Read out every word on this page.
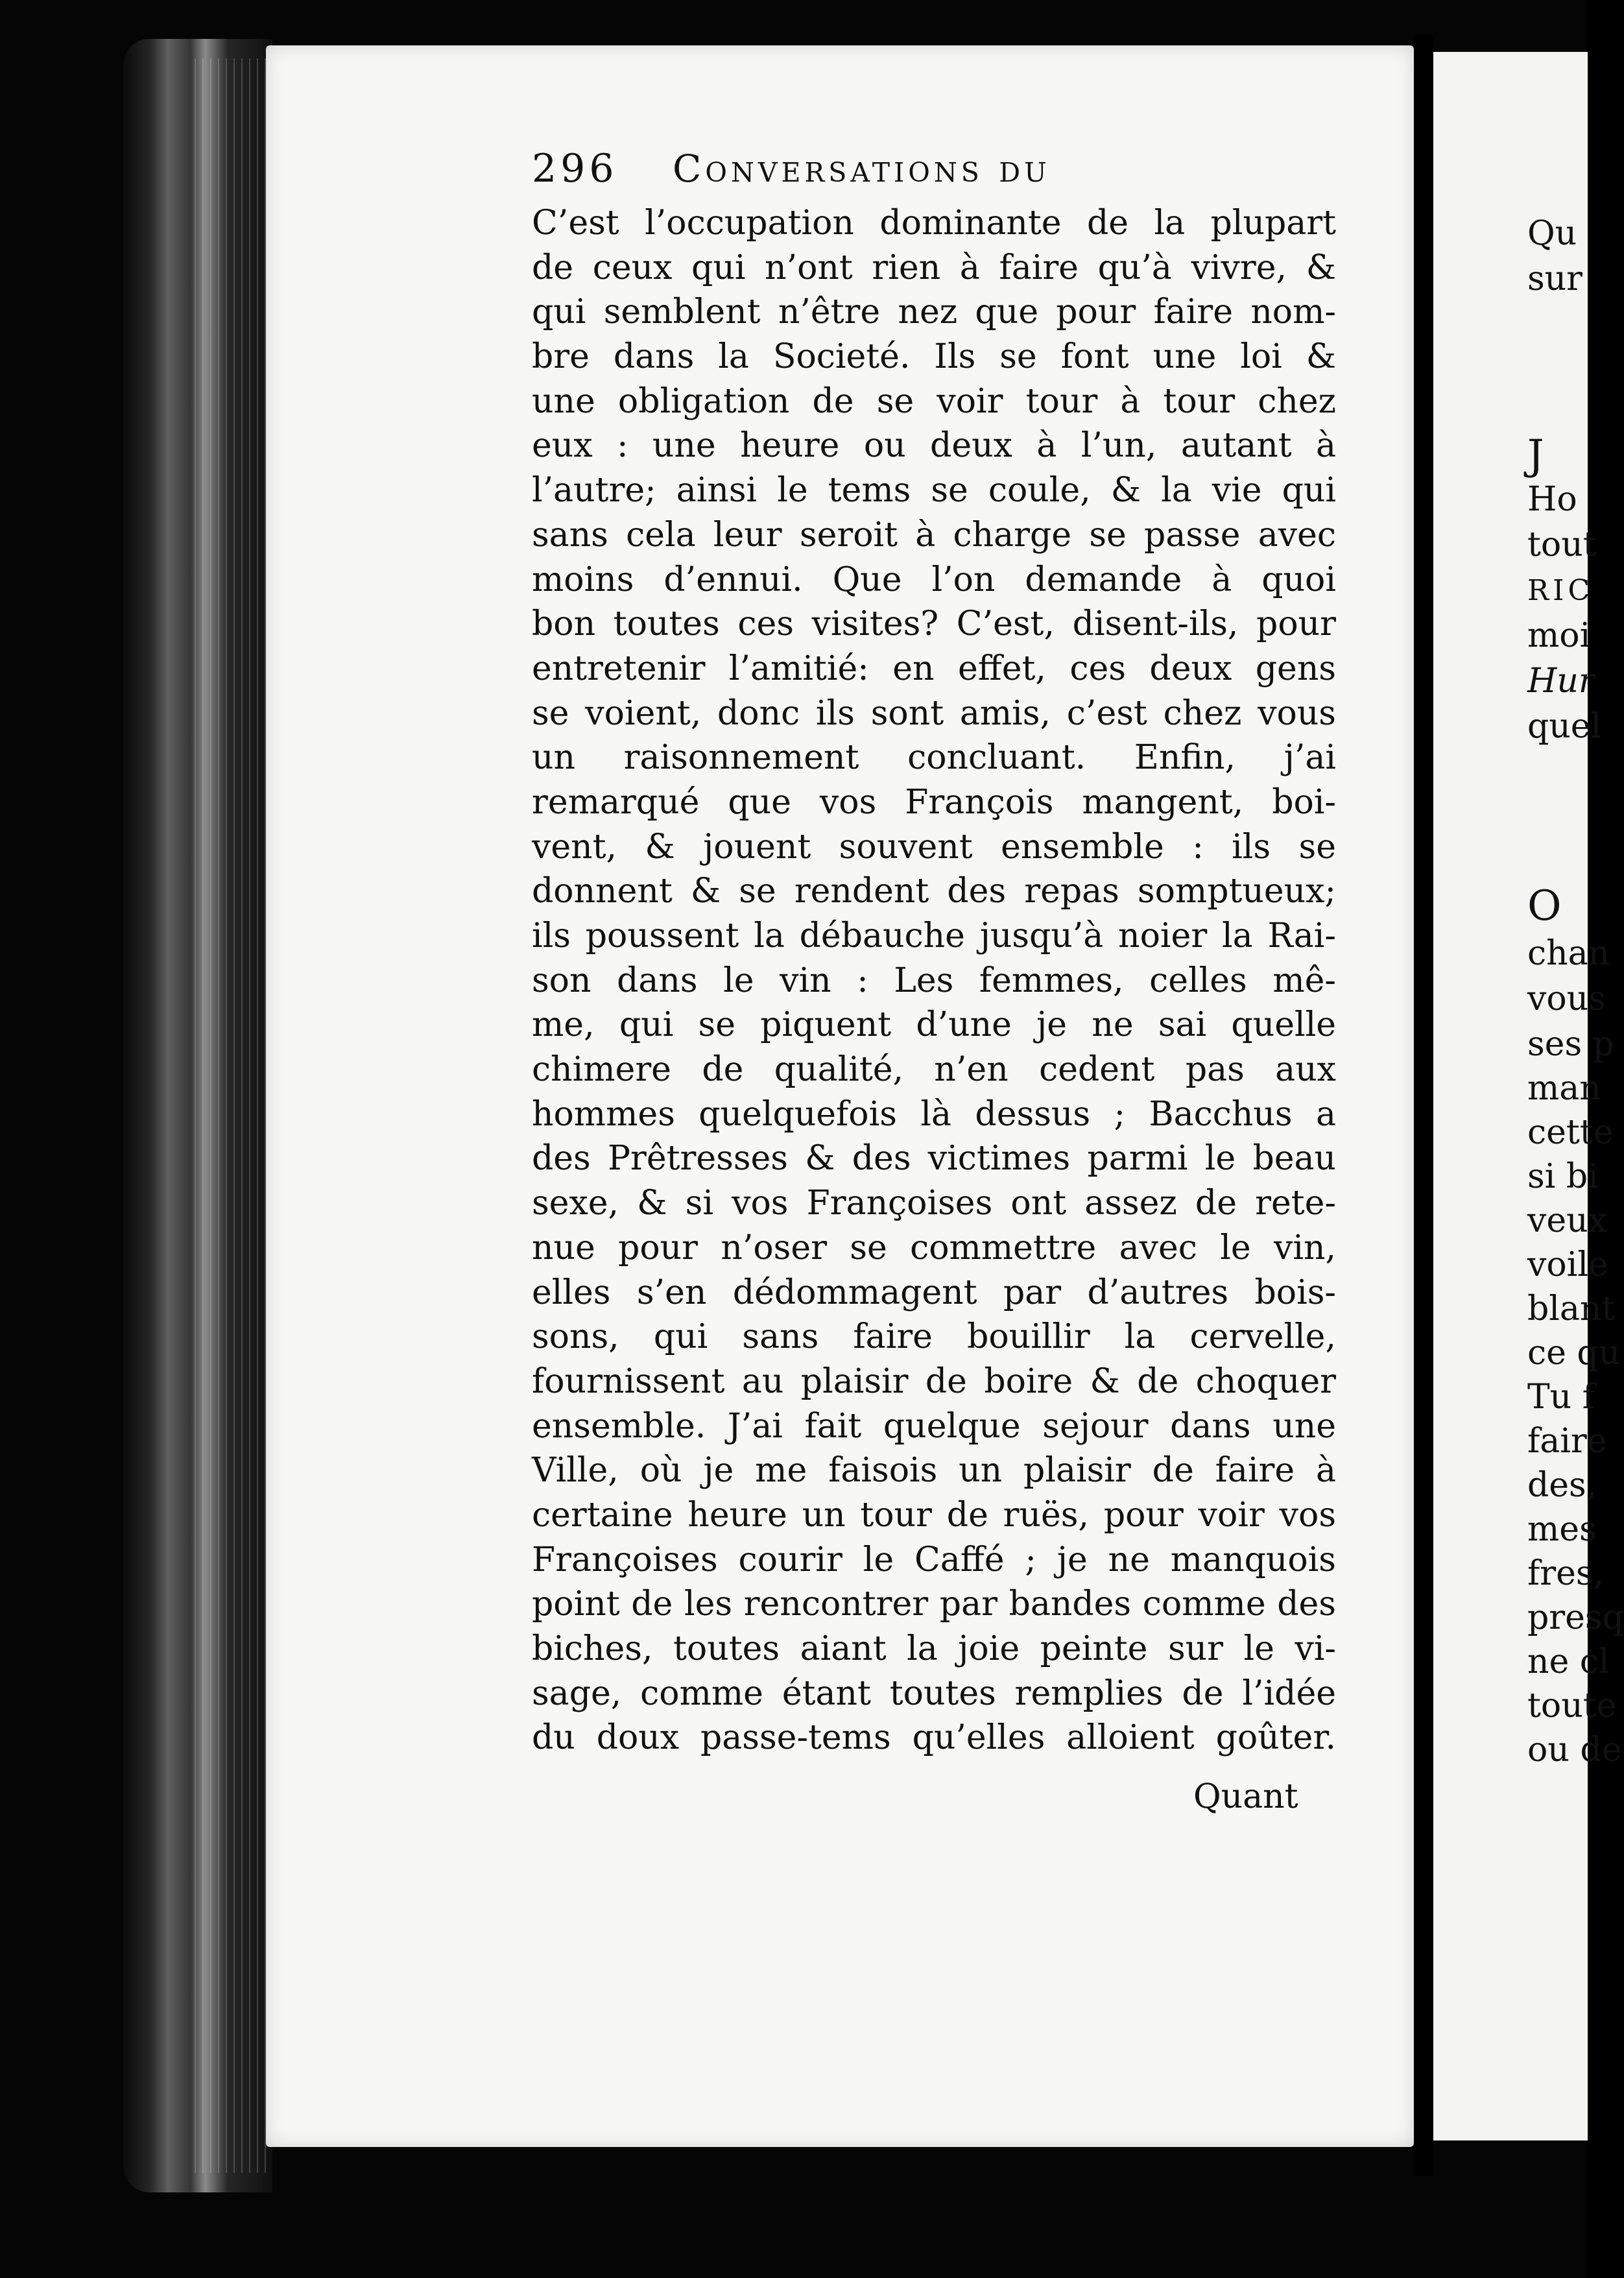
296 Conversations du
C’est l’occupation dominante de la plupart
de ceux qui n’ont rien à faire qu’à vivre, &
qui semblent n’être nez que pour faire nom-
bre dans la Societé. Ils se font une loi &
une obligation de se voir tour à tour chez
eux : une heure ou deux à l’un, autant à
l’autre; ainsi le tems se coule, & la vie qui
sans cela leur seroit à charge se passe avec
moins d’ennui. Que l’on demande à quoi
bon toutes ces visites? C’est, disent-ils, pour
entretenir l’amitié: en effet, ces deux gens
se voient, donc ils sont amis, c’est chez vous
un raisonnement concluant. Enfin, j’ai
remarqué que vos François mangent, boi-
vent, & jouent souvent ensemble : ils se
donnent & se rendent des repas somptueux;
ils poussent la débauche jusqu’à noier la Rai-
son dans le vin : Les femmes, celles mê-
me, qui se piquent d’une je ne sai quelle
chimere de qualité, n’en cedent pas aux
hommes quelquefois là dessus ; Bacchus a
des Prêtresses & des victimes parmi le beau
sexe, & si vos Françoises ont assez de rete-
nue pour n’oser se commettre avec le vin,
elles s’en dédommagent par d’autres bois-
sons, qui sans faire bouillir la cervelle,
fournissent au plaisir de boire & de choquer
ensemble. J’ai fait quelque sejour dans une
Ville, où je me faisois un plaisir de faire à
certaine heure un tour de ruës, pour voir vos
Françoises courir le Caffé ; je ne manquois
point de les rencontrer par bandes comme des
biches, toutes aiant la joie peinte sur le vi-
sage, comme étant toutes remplies de l’idée
du doux passe-tems qu’elles alloient goûter.
Quant
Qu
sur
J
Ho
tout
RIC
moi
Hur
quel
O
chan
vous
ses p
man
cette
si bi
veux
voile
blant
ce qu
Tu f
faire
des,
mes
fres,
presq
ne cl
toute
ou de
